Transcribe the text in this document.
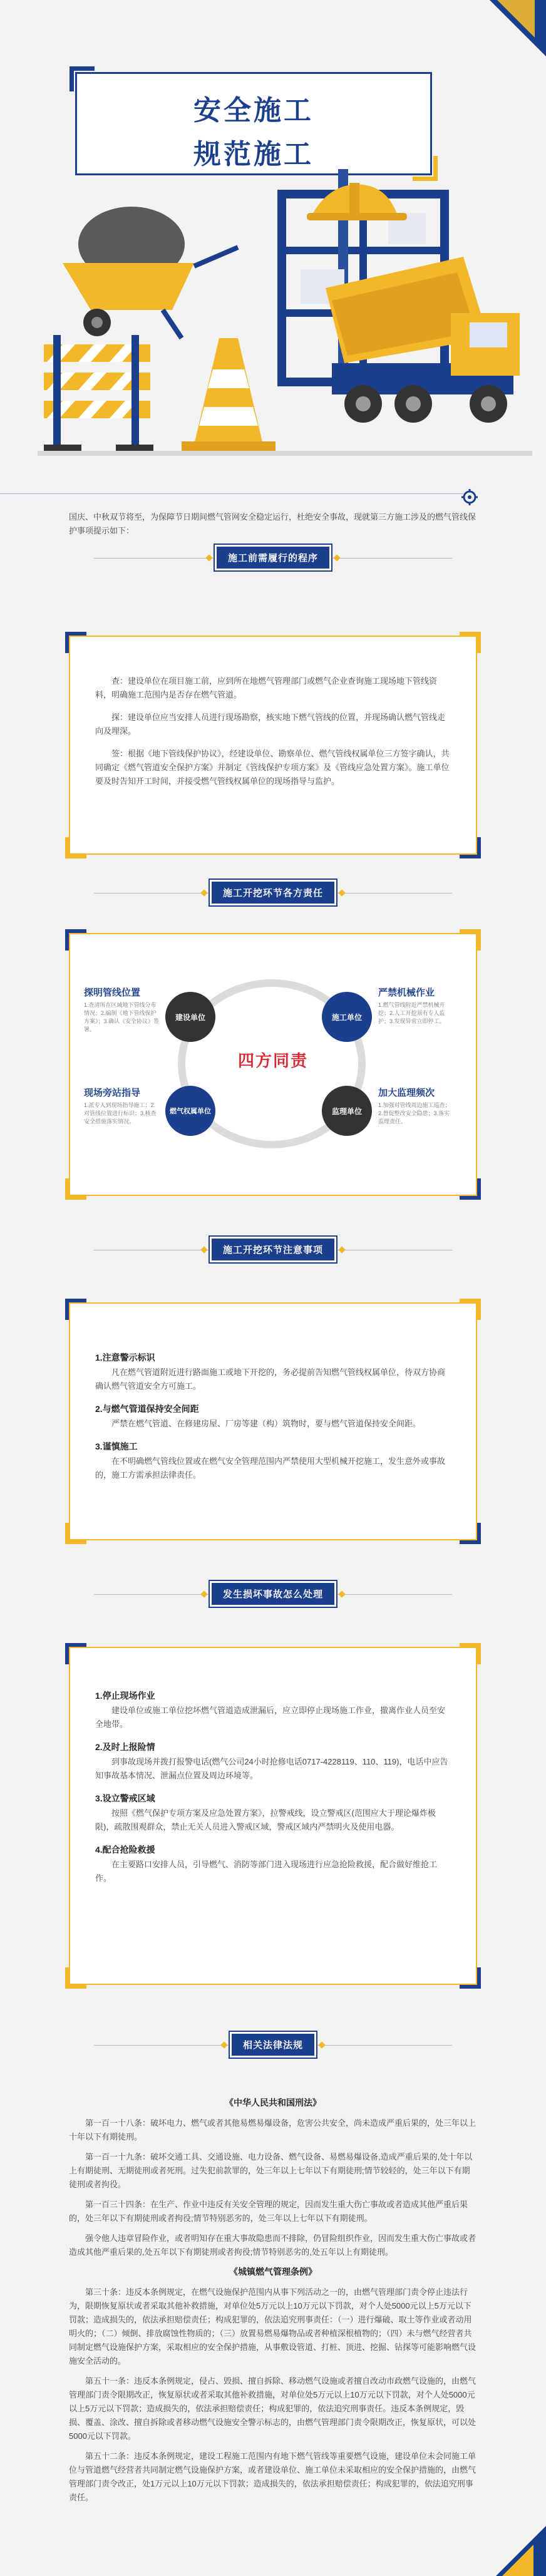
安全施工
规范施工
国庆、中秋双节将至，为保障节日期间燃气管网安全稳定运行，杜绝安全事故，现就第三方施工涉及的燃气管线保护事项提示如下：
施工前需履行的程序

查：建设单位在项目施工前，应到所在地燃气管理部门或燃气企业查询施工现场地下管线资料，明确施工范围内是否存在燃气管道。

探：建设单位应当安排人员进行现场勘察，核实地下燃气管线的位置，并现场确认燃气管线走向及埋深。

签：根据《地下管线保护协议》，经建设单位、勘察单位、燃气管线权属单位三方签字确认，共同确定《燃气管道安全保护方案》并制定《管线保护专项方案》及《管线应急处置方案》。施工单位要及时告知开工时间，并接受燃气管线权属单位的现场指导与监护。

施工开挖环节各方责任
探明管线位置
1.查清所在区域地下管线分布情况；2.编制《地下管线保护方案》；3.确认《安全协议》签署。
建设单位
严禁机械作业
1.燃气管线附近严禁机械开挖；2.人工开挖须有专人监护；3.发现异常立即停工。
施工单位
四方同责
现场旁站指导
1.派专人到现场指导施工；2.对管线位置进行标识；3.核查安全措施落实情况。
燃气权属单位
加大监理频次
1.加强对管线周边施工巡查；2.督促整改安全隐患；3.落实监理责任。
监理单位
施工开挖环节注意事项

1.注意警示标识

凡在燃气管道附近进行路面施工或地下开挖的，务必提前告知燃气管线权属单位，待双方协商确认燃气管道安全方可施工。

2.与燃气管道保持安全间距

严禁在燃气管道、在修建房屋、厂房等建（构）筑物时，要与燃气管道保持安全间距。

3.谨慎施工

在不明确燃气管线位置或在燃气安全管理范围内严禁使用大型机械开挖施工，发生意外或事故的，施工方需承担法律责任。

发生损坏事故怎么处理

1.停止现场作业

建设单位或施工单位挖坏燃气管道造成泄漏后，应立即停止现场施工作业，撤离作业人员至安全地带。

2.及时上报险情

到事故现场并拨打报警电话(燃气公司24小时抢修电话0717-4228119、110、119)，电话中应告知事故基本情况、泄漏点位置及周边环境等。

3.设立警戒区域

按照《燃气保护专项方案及应急处置方案》，拉警戒线，设立警戒区(范围应大于理论爆炸极限)，疏散围观群众，禁止无关人员进入警戒区域，警戒区域内严禁明火及使用电器。

4.配合抢险救援

在主要路口安排人员，引导燃气、消防等部门进入现场进行应急抢险救援，配合做好维抢工作。

相关法律法规
《中华人民共和国刑法》

第一百一十八条：破坏电力、燃气或者其他易燃易爆设备，危害公共安全，尚未造成严重后果的，处三年以上十年以下有期徒刑。

第一百一十九条：破坏交通工具、交通设施、电力设备、燃气设备、易燃易爆设备,造成严重后果的,处十年以上有期徒刑、无期徒刑或者死刑。过失犯前款罪的，处三年以上七年以下有期徒刑;情节较轻的，处三年以下有期徒刑或者拘役。

第一百三十四条：在生产、作业中违反有关安全管理的规定，因而发生重大伤亡事故或者造成其他严重后果的，处三年以下有期徒刑或者拘役;情节特别恶劣的，处三年以上七年以下有期徒刑。

强令他人违章冒险作业，或者明知存在重大事故隐患而不排除，仍冒险组织作业，因而发生重大伤亡事故或者造成其他严重后果的,处五年以下有期徒刑或者拘役;情节特别恶劣的,处五年以上有期徒刑。

《城镇燃气管理条例》

第三十条：违反本条例规定，在燃气设施保护范围内从事下列活动之一的，由燃气管理部门责令停止违法行为，限期恢复原状或者采取其他补救措施，对单位处5万元以上10万元以下罚款，对个人处5000元以上5万元以下罚款；造成损失的，依法承担赔偿责任；构成犯罪的，依法追究刑事责任：（一）进行爆破、取土等作业或者动用明火的；（二）倾倒、排放腐蚀性物质的；（三）放置易燃易爆物品或者种植深根植物的；（四）未与燃气经营者共同制定燃气设施保护方案，采取相应的安全保护措施，从事敷设管道、打桩、顶进、挖掘、钻探等可能影响燃气设施安全活动的。

第五十一条：违反本条例规定，侵占、毁损、擅自拆除、移动燃气设施或者擅自改动市政燃气设施的，由燃气管理部门责令限期改正，恢复原状或者采取其他补救措施，对单位处5万元以上10万元以下罚款，对个人处5000元以上5万元以下罚款；造成损失的，依法承担赔偿责任；构成犯罪的，依法追究刑事责任。违反本条例规定，毁损、覆盖、涂改、擅自拆除或者移动燃气设施安全警示标志的，由燃气管理部门责令限期改正，恢复原状，可以处5000元以下罚款。

第五十二条：违反本条例规定，建设工程施工范围内有地下燃气管线等重要燃气设施，建设单位未会同施工单位与管道燃气经营者共同制定燃气设施保护方案，或者建设单位、施工单位未采取相应的安全保护措施的，由燃气管理部门责令改正，处1万元以上10万元以下罚款；造成损失的，依法承担赔偿责任；构成犯罪的，依法追究刑事责任。
